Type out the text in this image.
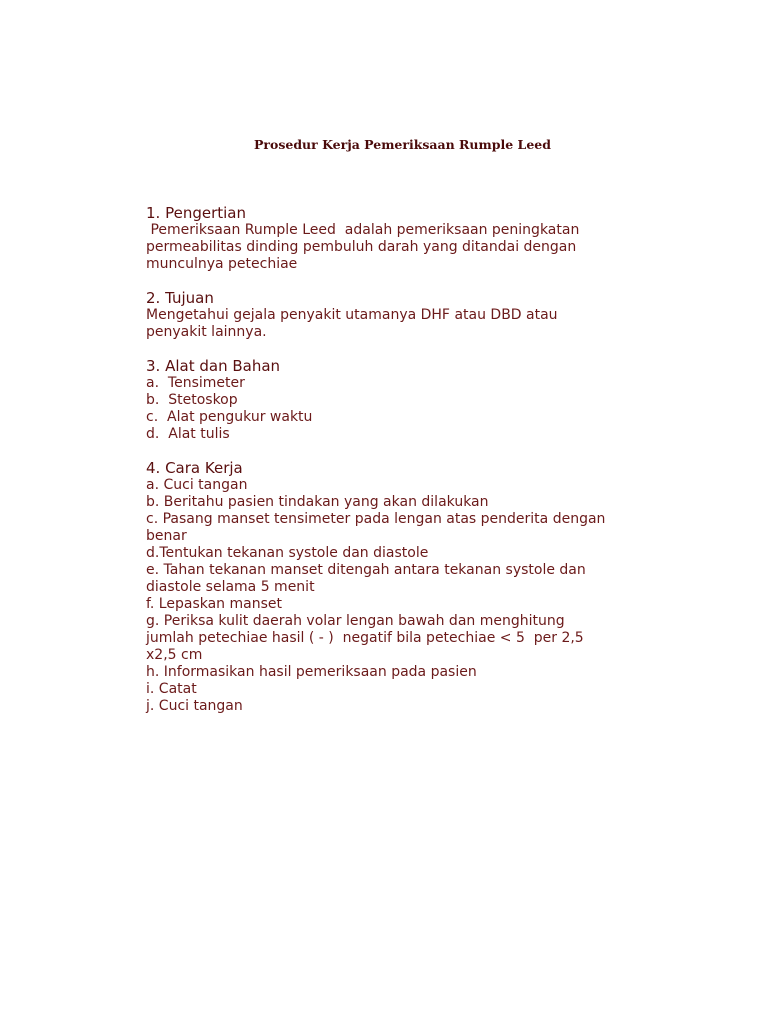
Prosedur Kerja Pemeriksaan Rumple Leed
1. Pengertian
Pemeriksaan Rumple Leed  adalah pemeriksaan peningkatan
permeabilitas dinding pembuluh darah yang ditandai dengan
munculnya petechiae
2. Tujuan
Mengetahui gejala penyakit utamanya DHF atau DBD atau
penyakit lainnya.
3. Alat dan Bahan
a.  Tensimeter
b.  Stetoskop
c.  Alat pengukur waktu
d.  Alat tulis
4. Cara Kerja
a. Cuci tangan
b. Beritahu pasien tindakan yang akan dilakukan
c. Pasang manset tensimeter pada lengan atas penderita dengan
benar
d.Tentukan tekanan systole dan diastole
e. Tahan tekanan manset ditengah antara tekanan systole dan
diastole selama 5 menit
f. Lepaskan manset
g. Periksa kulit daerah volar lengan bawah dan menghitung
jumlah petechiae hasil ( - )  negatif bila petechiae < 5  per 2,5
x2,5 cm
h. Informasikan hasil pemeriksaan pada pasien
i. Catat
j. Cuci tangan
